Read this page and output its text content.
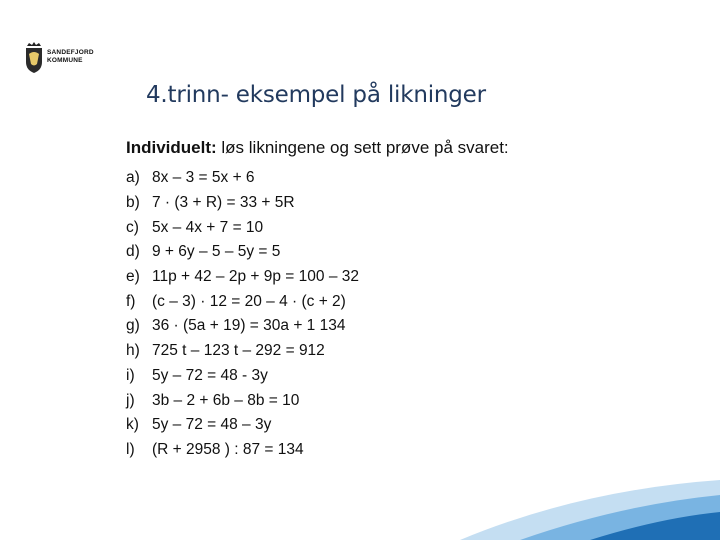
SANDEFJORD
KOMMUNE
4.trinn- eksempel på likninger
Individuelt: løs likningene og sett prøve på svaret:
a) 8x – 3 = 5x + 6
b) 7 · (3 + R) = 33 + 5R
c) 5x – 4x + 7 = 10
d) 9 + 6y – 5 – 5y = 5
e) 11p + 42 – 2p + 9p = 100 – 32
f)	(c – 3) · 12 = 20 – 4 · (c + 2)
g) 36 · (5a + 19) = 30a + 1 134
h) 725 t – 123 t – 292 = 912
i)	5y – 72 = 48 - 3y
j)	3b – 2 + 6b – 8b = 10
k) 5y – 72 = 48 – 3y
l)	(R + 2958 ) : 87 = 134
